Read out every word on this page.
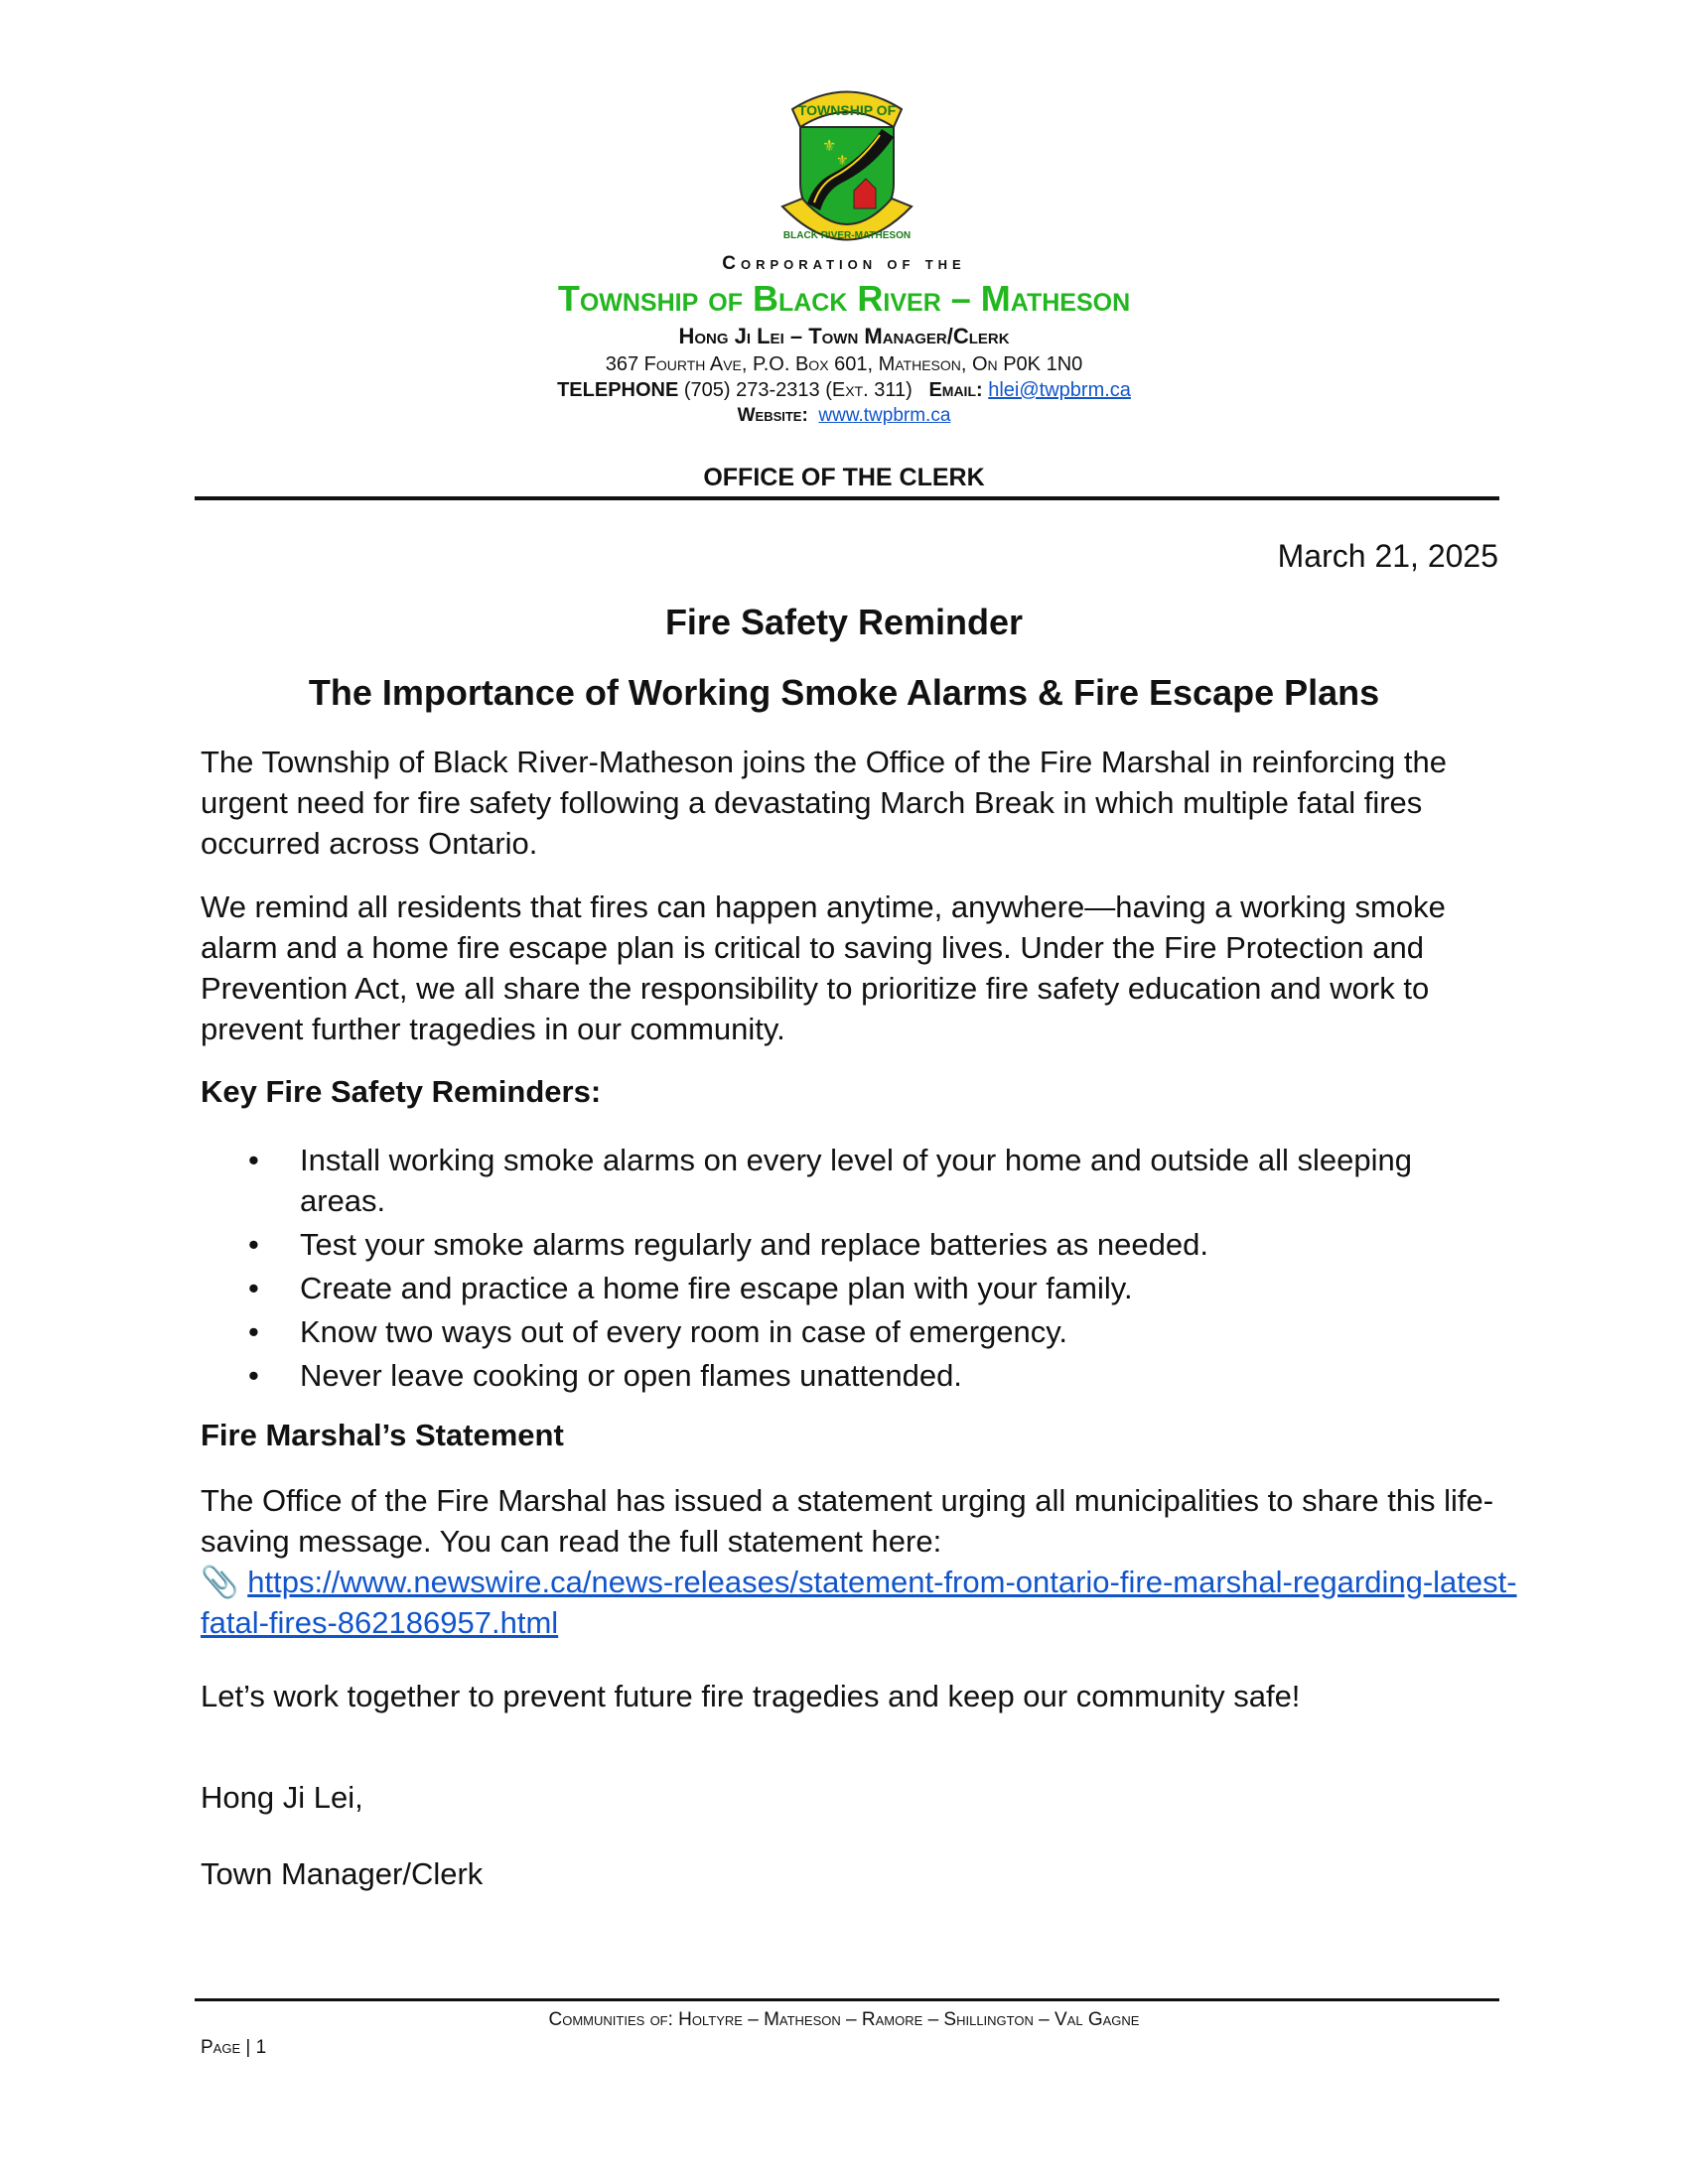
TOWNSHIP OF
⚜
⚜
BLACK RIVER-MATHESON
Corporation of the
Township of Black River – Matheson
Hong Ji Lei – Town Manager/Clerk
367 Fourth Ave, P.O. Box 601, Matheson, On P0K 1N0
TELEPHONE (705) 273-2313 (Ext. 311) Email: hlei@twpbrm.ca
Website: www.twpbrm.ca
OFFICE OF THE CLERK
March 21, 2025
Fire Safety Reminder
The Importance of Working Smoke Alarms & Fire Escape Plans

The Township of Black River-Matheson joins the Office of the Fire Marshal in reinforcing the urgent need for fire safety following a devastating March Break in which multiple fatal fires occurred across Ontario.

We remind all residents that fires can happen anytime, anywhere—having a working smoke alarm and a home fire escape plan is critical to saving lives. Under the Fire Protection and Prevention Act, we all share the responsibility to prioritize fire safety education and work to prevent further tragedies in our community.

Key Fire Safety Reminders:
• Install working smoke alarms on every level of your home and outside all sleeping areas.
• Test your smoke alarms regularly and replace batteries as needed.
• Create and practice a home fire escape plan with your family.
• Know two ways out of every room in case of emergency.
• Never leave cooking or open flames unattended.
Fire Marshal’s Statement
The Office of the Fire Marshal has issued a statement urging all municipalities to share this life-saving message. You can read the full statement here:
📎 https://www.newswire.ca/news-releases/statement-from-ontario-fire-marshal-regarding-latest-fatal-fires-862186957.html

Let’s work together to prevent future fire tragedies and keep our community safe!

Hong Ji Lei,
Town Manager/Clerk
Communities of: Holtyre – Matheson – Ramore – Shillington – Val Gagne
Page | 1
